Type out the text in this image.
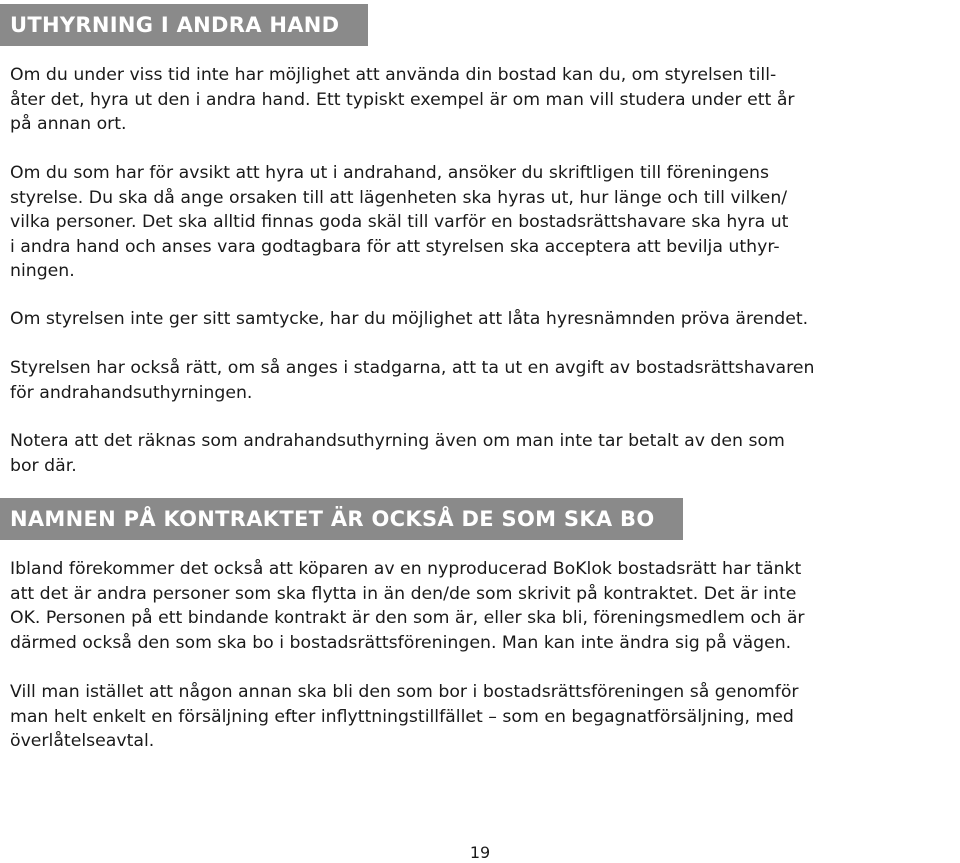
UTHYRNING I ANDRA HAND

Om du under viss tid inte har möjlighet att använda din bostad kan du, om styrelsen till-
åter det, hyra ut den i andra hand. Ett typiskt exempel är om man vill studera under ett år
på annan ort.

Om du som har för avsikt att hyra ut i andrahand, ansöker du skriftligen till föreningens
styrelse. Du ska då ange orsaken till att lägenheten ska hyras ut, hur länge och till vilken/
vilka personer. Det ska alltid finnas goda skäl till varför en bostadsrättshavare ska hyra ut
i andra hand och anses vara godtagbara för att styrelsen ska acceptera att bevilja uthyr-
ningen.

Om styrelsen inte ger sitt samtycke, har du möjlighet att låta hyresnämnden pröva ärendet.

Styrelsen har också rätt, om så anges i stadgarna, att ta ut en avgift av bostadsrättshavaren
för andrahandsuthyrningen.

Notera att det räknas som andrahandsuthyrning även om man inte tar betalt av den som
bor där.

NAMNEN PÅ KONTRAKTET ÄR OCKSÅ DE SOM SKA BO

Ibland förekommer det också att köparen av en nyproducerad BoKlok bostadsrätt har tänkt
att det är andra personer som ska flytta in än den/de som skrivit på kontraktet. Det är inte
OK. Personen på ett bindande kontrakt är den som är, eller ska bli, föreningsmedlem och är
därmed också den som ska bo i bostadsrättsföreningen. Man kan inte ändra sig på vägen.

Vill man istället att någon annan ska bli den som bor i bostadsrättsföreningen så genomför
man helt enkelt en försäljning efter inflyttningstillfället – som en begagnatförsäljning, med
överlåtelseavtal.

19
